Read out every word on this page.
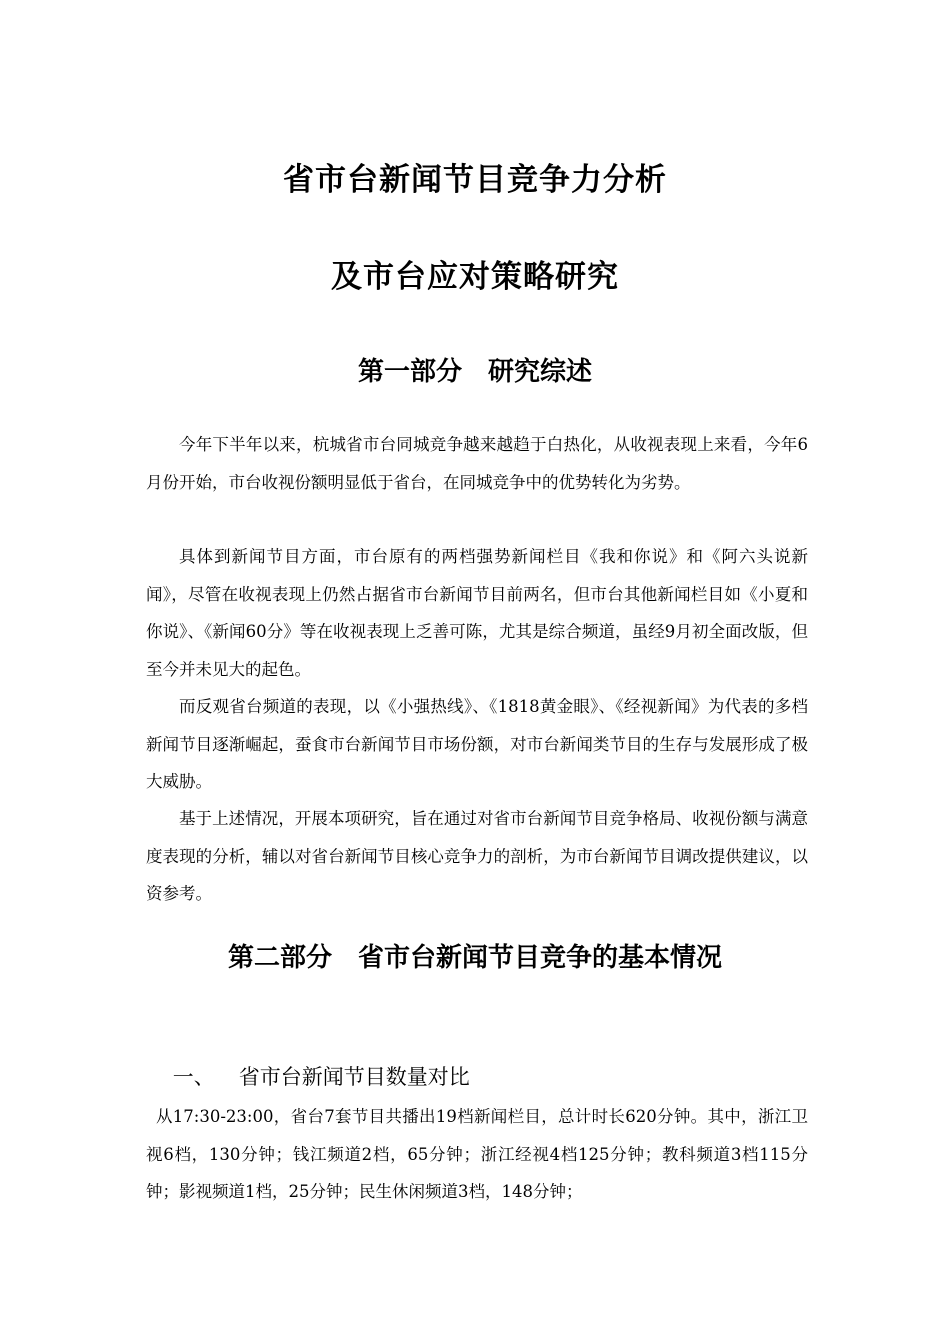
省市台新闻节目竞争力分析
及市台应对策略研究
第一部分　研究综述

今年下半年以来，杭城省市台同城竞争越来越趋于白热化，从收视表现上来看，今年6月份开始，市台收视份额明显低于省台，在同城竞争中的优势转化为劣势。

具体到新闻节目方面，市台原有的两档强势新闻栏目《我和你说》和《阿六头说新闻》，尽管在收视表现上仍然占据省市台新闻节目前两名，但市台其他新闻栏目如《小夏和你说》、《新闻60分》等在收视表现上乏善可陈，尤其是综合频道，虽经9月初全面改版，但至今并未见大的起色。

而反观省台频道的表现，以《小强热线》、《1818黄金眼》、《经视新闻》为代表的多档新闻节目逐渐崛起，蚕食市台新闻节目市场份额，对市台新闻类节目的生存与发展形成了极大威胁。

基于上述情况，开展本项研究，旨在通过对省市台新闻节目竞争格局、收视份额与满意度表现的分析，辅以对省台新闻节目核心竞争力的剖析，为市台新闻节目调改提供建议，以资参考。

第二部分　省市台新闻节目竞争的基本情况

一、 省市台新闻节目数量对比

从17:30-23:00，省台7套节目共播出19档新闻栏目，总计时长620分钟。其中，浙江卫视6档，130分钟；钱江频道2档，65分钟；浙江经视4档125分钟；教科频道3档115分钟；影视频道1档，25分钟；民生休闲频道3档，148分钟；
